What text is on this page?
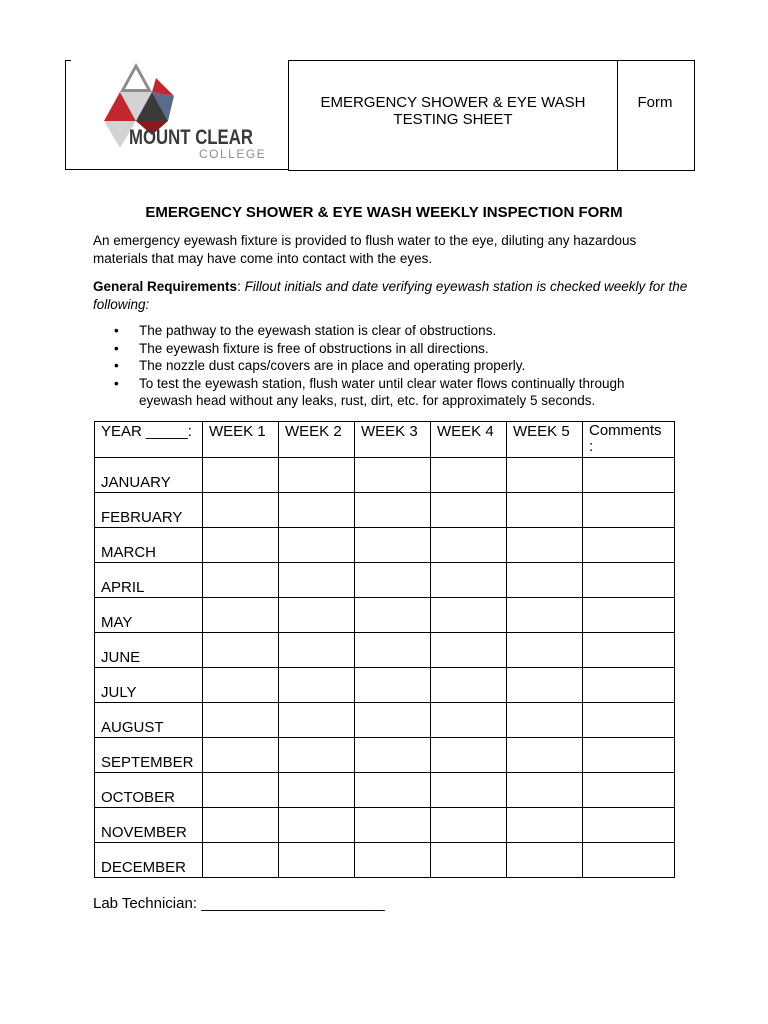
MOUNT CLEAR
COLLEGE
EMERGENCY SHOWER & EYE WASH
TESTING SHEET
Form
EMERGENCY SHOWER & EYE WASH WEEKLY INSPECTION FORM
An emergency eyewash fixture is provided to flush water to the eye, diluting any hazardous materials that may have come into contact with the eyes.
General Requirements: Fillout initials and date verifying eyewash station is checked weekly for the following:
• The pathway to the eyewash station is clear of obstructions.
• The eyewash fixture is free of obstructions in all directions.
• The nozzle dust caps/covers are in place and operating properly.
• To test the eyewash station, flush water until clear water flows continually through eyewash head without any leaks, rust, dirt, etc. for approximately 5 seconds.
YEAR _____:	WEEK 1	WEEK 2	WEEK 3	WEEK 4	WEEK 5	Comments :
JANUARY						
FEBRUARY						
MARCH						
APRIL						
MAY						
JUNE						
JULY						
AUGUST						
SEPTEMBER						
OCTOBER						
NOVEMBER						
DECEMBER						
Lab Technician: ______________________
